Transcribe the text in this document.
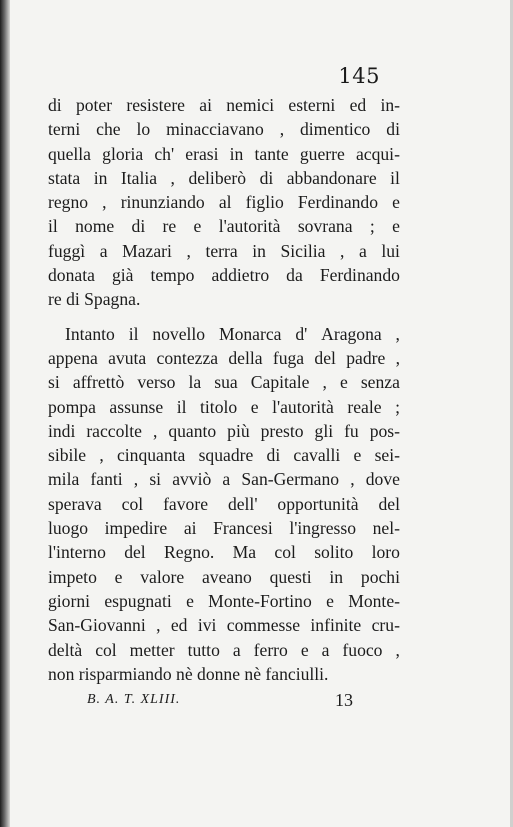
145
di poter resistere ai nemici esterni ed in-
terni che lo minacciavano , dimentico di
quella gloria ch' erasi in tante guerre acqui-
stata in Italia , deliberò di abbandonare il
regno , rinunziando al figlio Ferdinando e
il nome di re e l'autorità sovrana ; e
fuggì a Mazari , terra in Sicilia , a lui
donata già tempo addietro da Ferdinando
re di Spagna.
Intanto il novello Monarca d' Aragona ,
appena avuta contezza della fuga del padre ,
si affrettò verso la sua Capitale , e senza
pompa assunse il titolo e l'autorità reale ;
indi raccolte , quanto più presto gli fu pos-
sibile , cinquanta squadre di cavalli e sei-
mila fanti , si avviò a San-Germano , dove
sperava col favore dell' opportunità del
luogo impedire ai Francesi l'ingresso nel-
l'interno del Regno. Ma col solito loro
impeto e valore aveano questi in pochi
giorni espugnati e Monte-Fortino e Monte-
San-Giovanni , ed ivi commesse infinite cru-
deltà col metter tutto a ferro e a fuoco ,
non risparmiando nè donne nè fanciulli.
B. A. T. XLIII.	13
